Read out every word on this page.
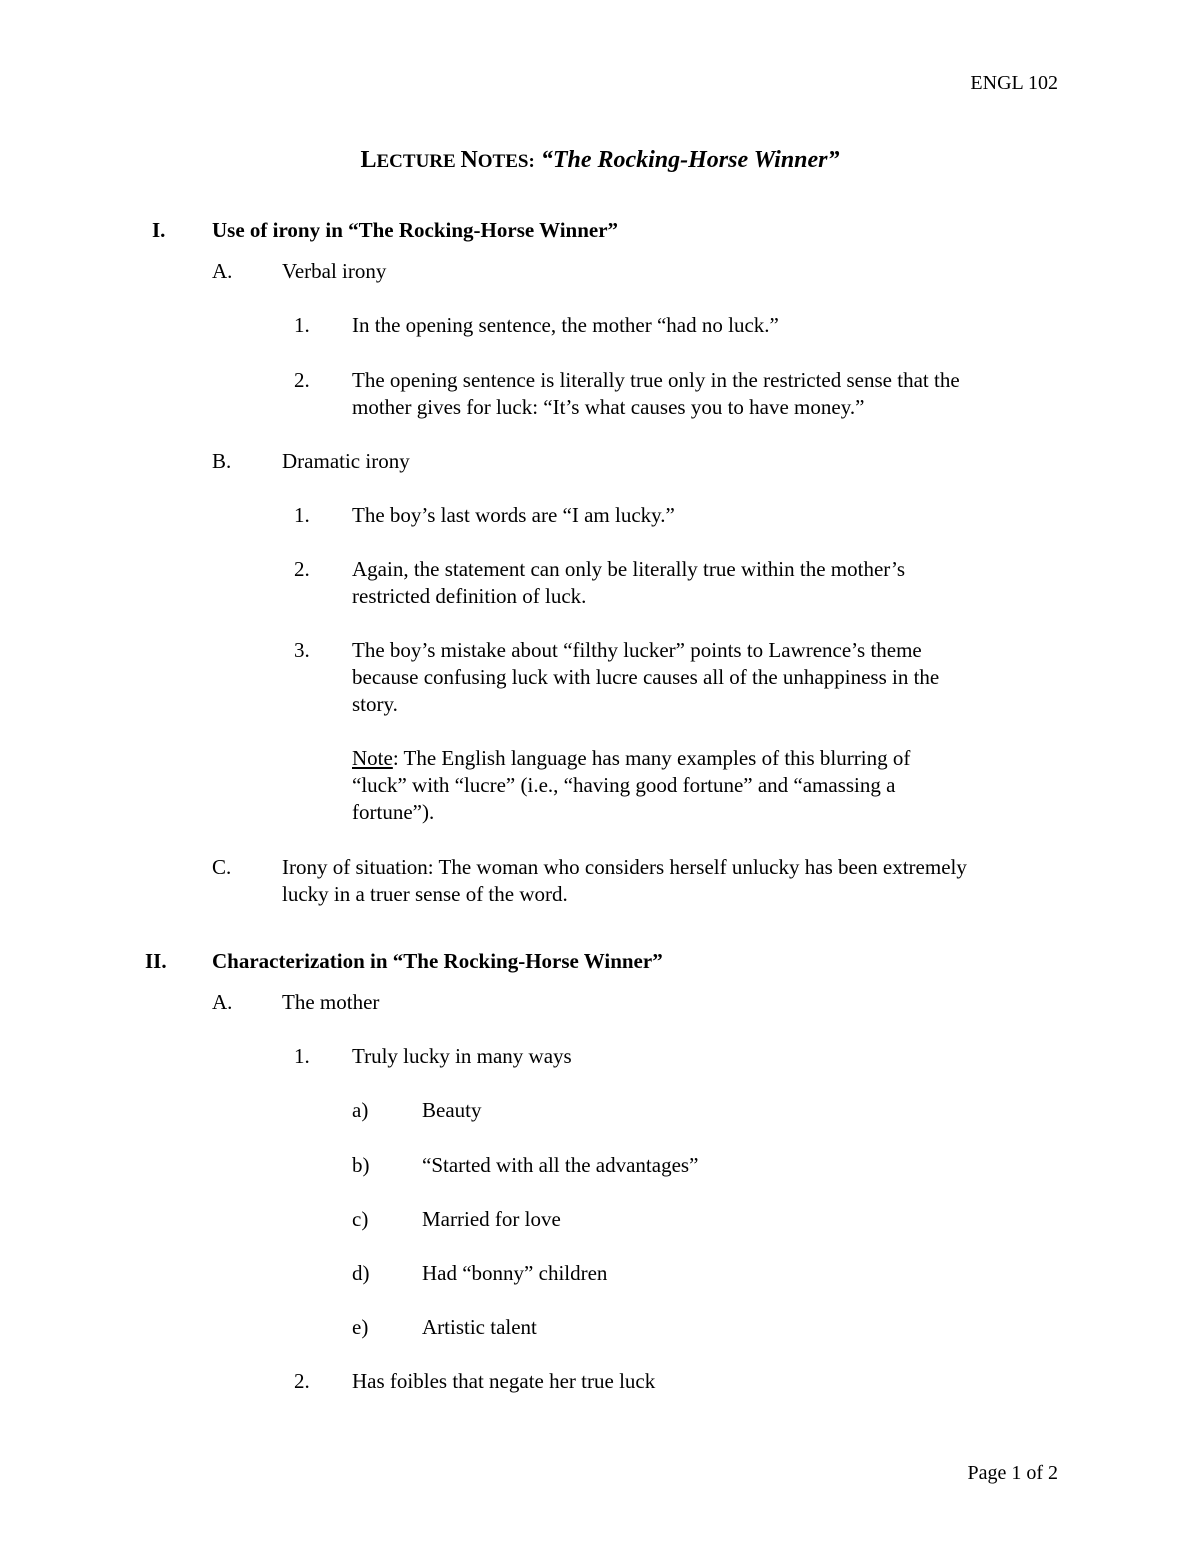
ENGL 102
LECTURE NOTES: “The Rocking-Horse Winner”
I. Use of irony in “The Rocking-Horse Winner”
A. Verbal irony
1. In the opening sentence, the mother “had no luck.”
2. The opening sentence is literally true only in the restricted sense that the
mother gives for luck: “It’s what causes you to have money.”
B. Dramatic irony
1. The boy’s last words are “I am lucky.”
2. Again, the statement can only be literally true within the mother’s
restricted definition of luck.
3. The boy’s mistake about “filthy lucker” points to Lawrence’s theme
because confusing luck with lucre causes all of the unhappiness in the
story.
Note: The English language has many examples of this blurring of
“luck” with “lucre” (i.e., “having good fortune” and “amassing a
fortune”).
C. Irony of situation: The woman who considers herself unlucky has been extremely
lucky in a truer sense of the word.
II. Characterization in “The Rocking-Horse Winner”
A. The mother
1. Truly lucky in many ways
a)	Beauty
b)	“Started with all the advantages”
c)	Married for love
d)	Had “bonny” children
e)	Artistic talent
2. Has foibles that negate her true luck
Page 1 of 2
